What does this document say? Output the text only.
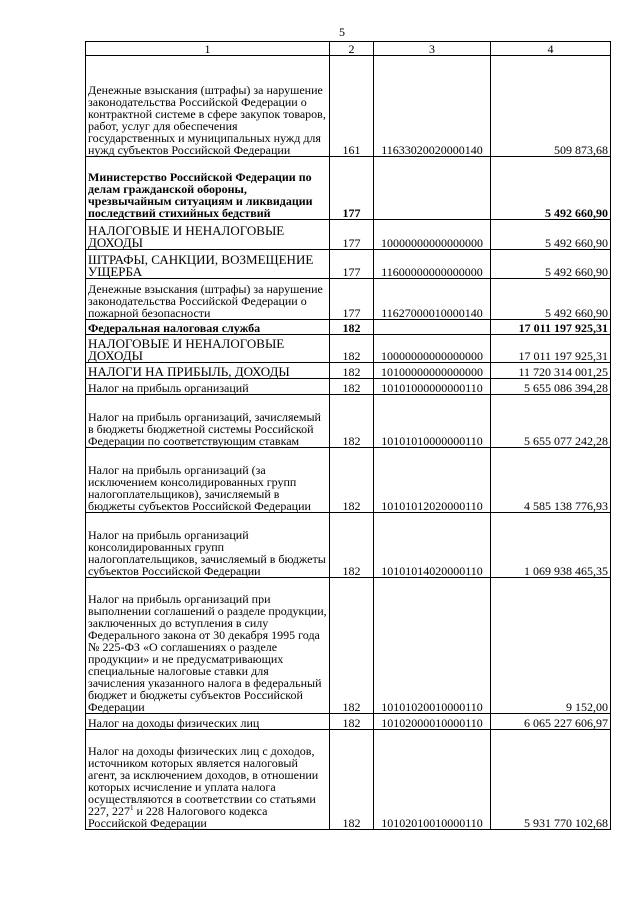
5
1	2	3	4
Денежные взыскания (штрафы) за нарушение законодательства Российской Федерации о контрактной системе в сфере закупок товаров, работ, услуг для обеспечения государственных и муниципальных нужд для нужд субъектов Российской Федерации	161	11633020020000140	509 873,68
Министерство Российской Федерации по делам гражданской обороны, чрезвычайным ситуациям и ликвидации последствий стихийных бедствий	177		5 492 660,90
НАЛОГОВЫЕ И НЕНАЛОГОВЫЕ ДОХОДЫ	177	10000000000000000	5 492 660,90
ШТРАФЫ, САНКЦИИ, ВОЗМЕЩЕНИЕ УЩЕРБА	177	11600000000000000	5 492 660,90
Денежные взыскания (штрафы) за нарушение законодательства Российской Федерации о пожарной безопасности	177	11627000010000140	5 492 660,90
Федеральная налоговая служба	182		17 011 197 925,31
НАЛОГОВЫЕ И НЕНАЛОГОВЫЕ ДОХОДЫ	182	10000000000000000	17 011 197 925,31
НАЛОГИ НА ПРИБЫЛЬ, ДОХОДЫ	182	10100000000000000	11 720 314 001,25
Налог на прибыль организаций	182	10101000000000110	5 655 086 394,28
Налог на прибыль организаций, зачисляемый в бюджеты бюджетной системы Российской Федерации по соответствующим ставкам	182	10101010000000110	5 655 077 242,28
Налог на прибыль организаций (за исключением консолидированных групп налогоплательщиков), зачисляемый в бюджеты субъектов Российской Федерации	182	10101012020000110	4 585 138 776,93
Налог на прибыль организаций консолидированных групп налогоплательщиков, зачисляемый в бюджеты субъектов Российской Федерации	182	10101014020000110	1 069 938 465,35
Налог на прибыль организаций при выполнении соглашений о разделе продукции, заключенных до вступления в силу Федерального закона от 30 декабря 1995 года № 225-ФЗ «О соглашениях о разделе продукции» и не предусматривающих специальные налоговые ставки для зачисления указанного налога в федеральный бюджет и бюджеты субъектов Российской Федерации	182	10101020010000110	9 152,00
Налог на доходы физических лиц	182	10102000010000110	6 065 227 606,97
Налог на доходы физических лиц с доходов, источником которых является налоговый агент, за исключением доходов, в отношении которых исчисление и уплата налога осуществляются в соответствии со статьями 227, $227^1$ и 228 Налогового кодекса Российской Федерации	182	10102010010000110	5 931 770 102,68
